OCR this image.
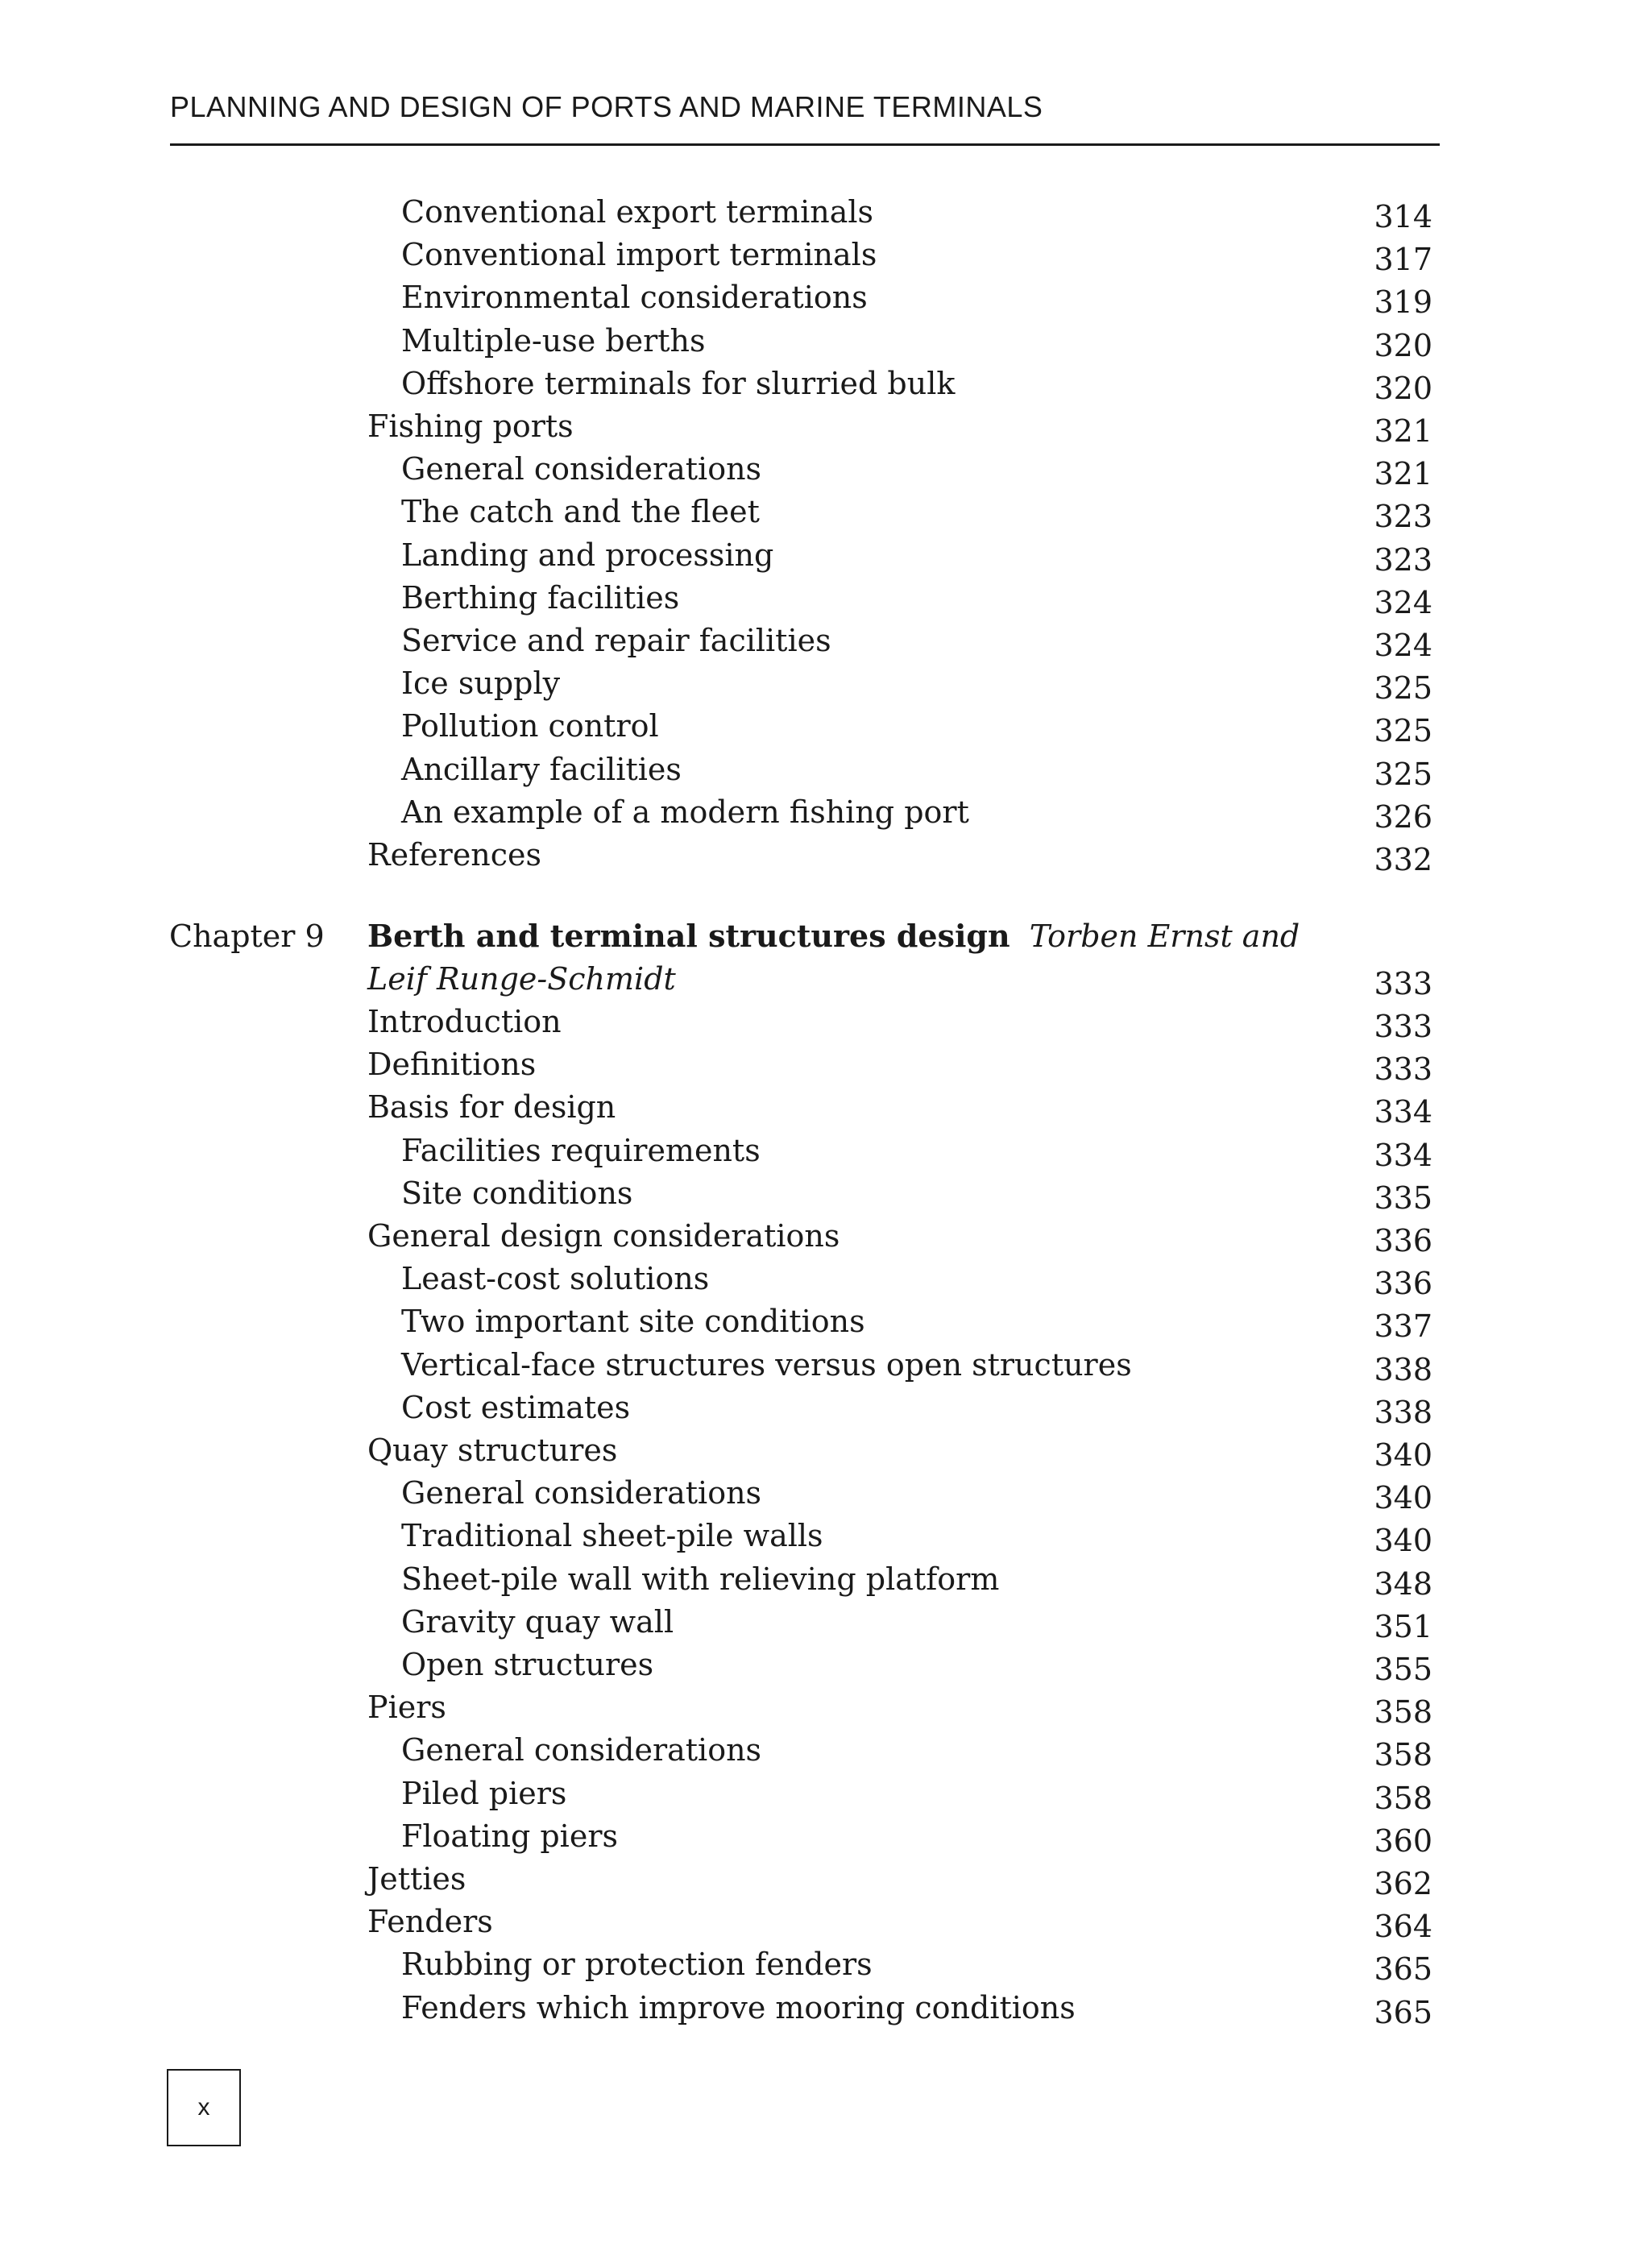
PLANNING AND DESIGN OF PORTS AND MARINE TERMINALS
Conventional export terminals	314
Conventional import terminals	317
Environmental considerations	319
Multiple-use berths	320
Offshore terminals for slurried bulk	320
Fishing ports	321
General considerations	321
The catch and the fleet	323
Landing and processing	323
Berthing facilities	324
Service and repair facilities	324
Ice supply	325
Pollution control	325
Ancillary facilities	325
An example of a modern fishing port	326
References	332
Chapter 9 Berth and terminal structures design Torben Ernst and
Leif Runge-Schmidt	333
Introduction	333
Definitions	333
Basis for design	334
Facilities requirements	334
Site conditions	335
General design considerations	336
Least-cost solutions	336
Two important site conditions	337
Vertical-face structures versus open structures	338
Cost estimates	338
Quay structures	340
General considerations	340
Traditional sheet-pile walls	340
Sheet-pile wall with relieving platform	348
Gravity quay wall	351
Open structures	355
Piers	358
General considerations	358
Piled piers	358
Floating piers	360
Jetties	362
Fenders	364
Rubbing or protection fenders	365
Fenders which improve mooring conditions	365
x
